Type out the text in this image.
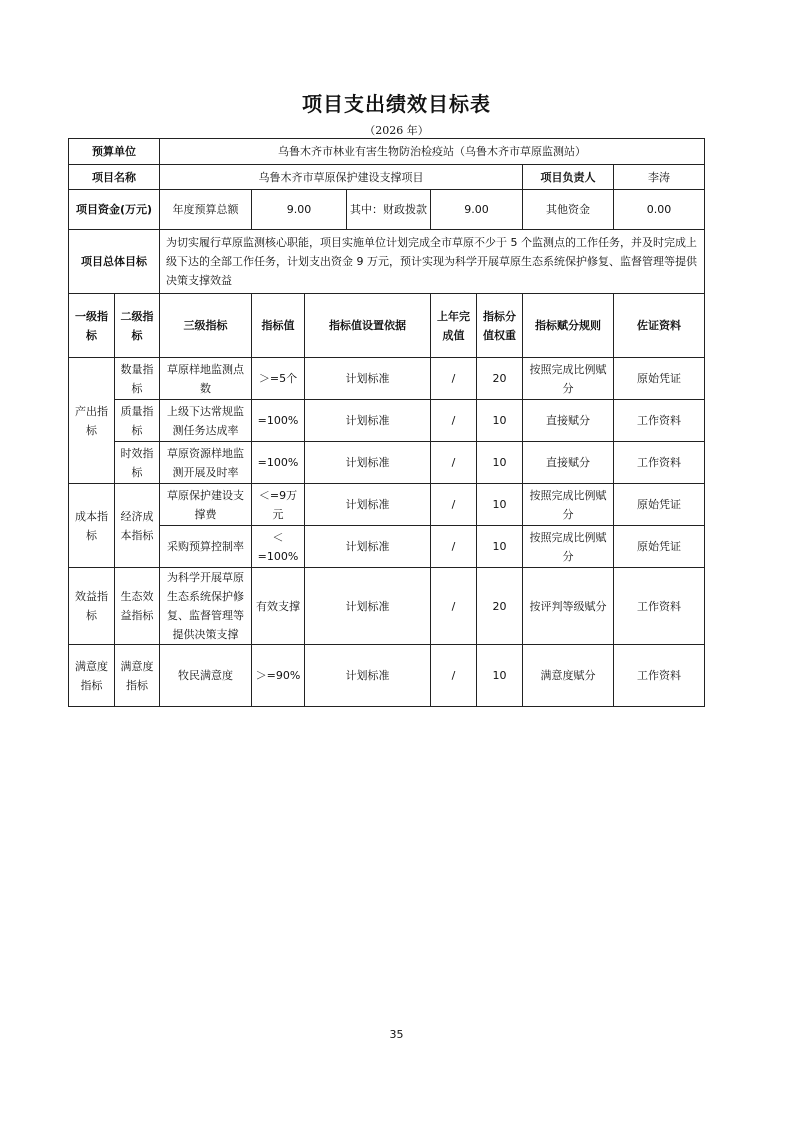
项目支出绩效目标表
（2026 年）
预算单位		乌鲁木齐市林业有害生物防治检疫站（乌鲁木齐市草原监测站）							
项目名称		乌鲁木齐市草原保护建设支撑项目						项目负责人	李涛
项目资金(万元)		年度预算总额	9.00		其中：财政拨款	9.00		其他资金	0.00
项目总体目标		为切实履行草原监测核心职能，项目实施单位计划完成全市草原不少于 5 个监测点的工作任务，并及时完成上级下达的全部工作任务，计划支出资金 9 万元，预计实现为科学开展草原生态系统保护修复、监督管理等提供决策支撑效益							
一级指标	二级指标	三级指标	指标值	指标值设置依据		上年完成值	指标分值权重	指标赋分规则	佐证资料
产出指标	数量指标	草原样地监测点数	＞=5个	计划标准		/	20	按照完成比例赋分	原始凭证
	质量指标	上级下达常规监测任务达成率	=100%	计划标准		/	10	直接赋分	工作资料
	时效指标	草原资源样地监测开展及时率	=100%	计划标准		/	10	直接赋分	工作资料
成本指标	经济成本指标	草原保护建设支撑费	＜=9万元	计划标准		/	10	按照完成比例赋分	原始凭证
		采购预算控制率	＜=100%	计划标准		/	10	按照完成比例赋分	原始凭证
效益指标	生态效益指标	为科学开展草原生态系统保护修复、监督管理等提供决策支撑	有效支撑	计划标准		/	20	按评判等级赋分	工作资料
满意度指标	满意度指标	牧民满意度	＞=90%	计划标准		/	10	满意度赋分	工作资料
35
